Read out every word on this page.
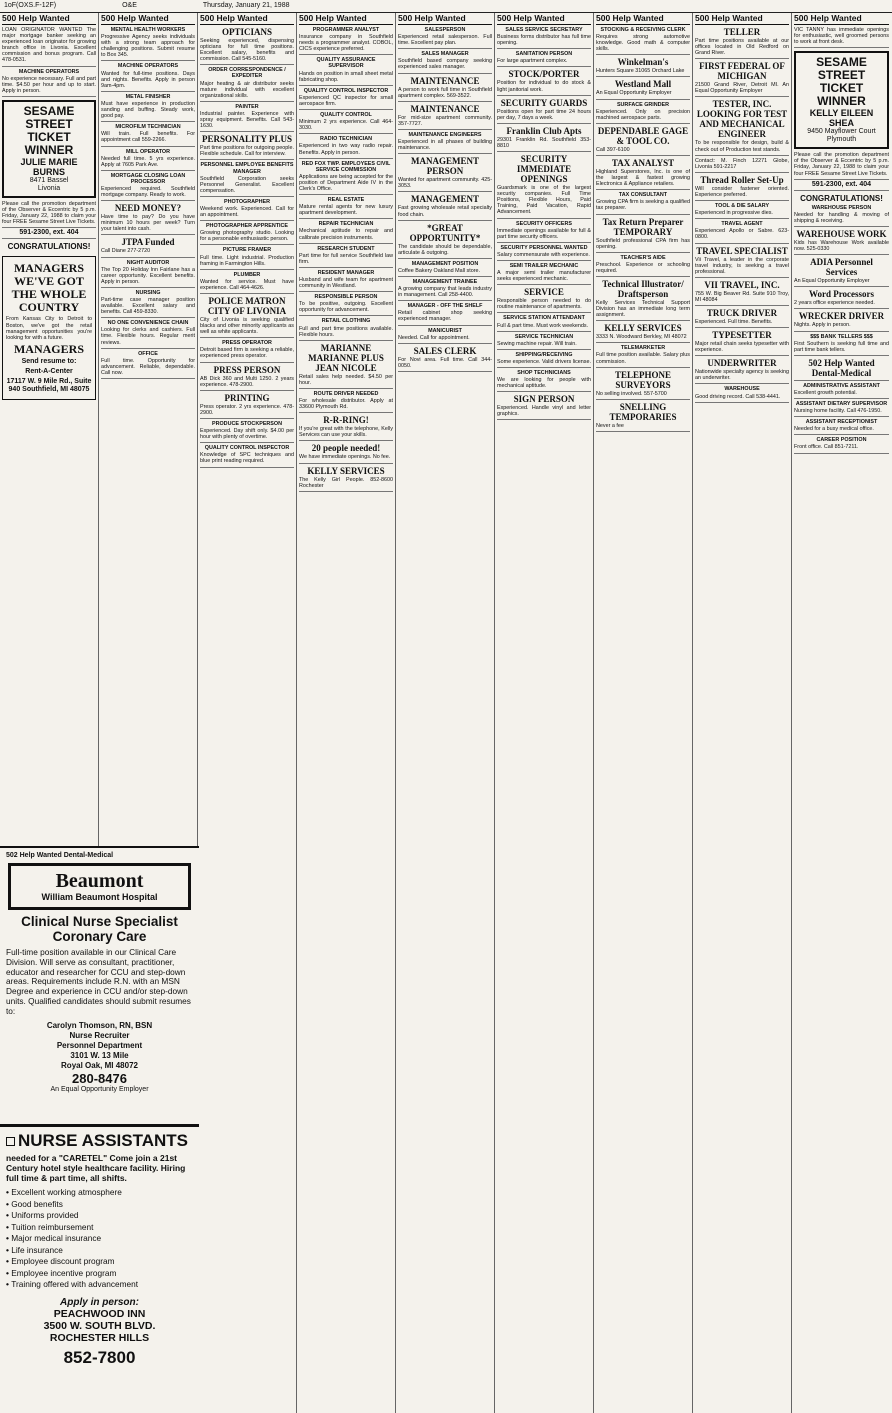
1oF(OXS.F-12F)	O&E	Thursday, January 21, 1988
500 Help Wanted

LOAN ORIGINATOR WANTED The major mortgage banker seeking an experienced loan originator for growing branch office in Livonia. Excellent commission and bonus program. Call 478-0531.

MACHINE OPERATORS

No experience necessary. Full and part time. $4.50 per hour and up to start. Apply in person.

SESAME STREET TICKET WINNER
JULIE MARIE BURNS
8471 Bassel
Livonia

Please call the promotion department of the Observer & Eccentric by 5 p.m. Friday, January 22, 1988 to claim your four FREE Sesame Street Live Tickets.

591-2300, ext. 404

CONGRATULATIONS!
MANAGERS WE'VE GOT THE WHOLE COUNTRY
From Kansas City to Detroit to Boston, we've got the retail management opportunities you're looking for with a future.
MANAGERS
Send resume to:
Rent-A-Center
17117 W. 9 Mile Rd., Suite 940 Southfield, MI 48075
500 Help Wanted
MENTAL HEALTH WORKERS

Progressive Agency seeks individuals with a strong team approach for challenging positions. Submit resume to Box 345.

MACHINE OPERATORS

Wanted for full-time positions. Days and nights. Benefits. Apply in person 9am-4pm.

METAL FINISHER

Must have experience in production sanding and buffing. Steady work, good pay.

MICROFILM TECHNICIAN

Will train. Full benefits. For appointment call 559-2266.

MILL OPERATOR

Needed full time. 5 yrs experience. Apply at 7605 Park Ave.

MORTGAGE CLOSING LOAN PROCESSOR

Experienced required. Southfield mortgage company. Ready to work.

NEED MONEY?

Have time to pay? Do you have minimum 10 hours per week? Turn your talent into cash.

JTPA Funded

Call Diane 277-2720

NIGHT AUDITOR

The Top 20 Holiday Inn Fairlane has a career opportunity. Excellent benefits. Apply in person.

NURSING

Part-time case manager position available. Excellent salary and benefits. Call 459-8330.

NO ONE CONVENIENCE CHAIN

Looking for clerks and cashiers. Full time. Flexible hours. Regular merit reviews.

OFFICE

Full time. Opportunity for advancement. Reliable, dependable. Call now.

500 Help Wanted
OPTICIANS

Seeking experienced, dispensing opticians for full time positions. Excellent salary, benefits and commission. Call 545-5160.

ORDER CORRESPONDENCE / EXPEDITER

Major heating & air distributor seeks mature individual with excellent organizational skills.

PAINTER

Industrial painter. Experience with spray equipment. Benefits. Call 543-1630.

PERSONALITY PLUS

Part time positions for outgoing people. Flexible schedule. Call for interview.

PERSONNEL EMPLOYEE BENEFITS MANAGER

Southfield Corporation seeks Personnel Generalist. Excellent compensation.

PHOTOGRAPHER

Weekend work. Experienced. Call for an appointment.

PHOTOGRAPHER APPRENTICE

Growing photography studio. Looking for a personable enthusiastic person.

PICTURE FRAMER

Full time. Light industrial. Production framing in Farmington Hills.

PLUMBER

Wanted for service. Must have experience. Call 464-4626.

POLICE MATRON CITY OF LIVONIA

City of Livonia is seeking qualified blacks and other minority applicants as well as white applicants.

PRESS OPERATOR

Detroit based firm is seeking a reliable, experienced press operator.

PRESS PERSON

AB Dick 360 and Multi 1250. 2 years experience. 478-2900.

PRINTING

Press operator. 2 yrs experience. 478-2900.

PRODUCE STOCKPERSON

Experienced. Day shift only. $4.00 per hour with plenty of overtime.

QUALITY CONTROL INSPECTOR

Knowledge of SPC techniques and blue print reading required.

500 Help Wanted
PROGRAMMER ANALYST

Insurance company in Southfield needs a programmer analyst. COBOL, CICS experience preferred.

QUALITY ASSURANCE SUPERVISOR

Hands on position in small sheet metal fabricating shop.

QUALITY CONTROL INSPECTOR

Experienced QC inspector for small aerospace firm.

QUALITY CONTROL

Minimum 2 yrs experience. Call 464-3030.

RADIO TECHNICIAN

Experienced in two way radio repair. Benefits. Apply in person.

RED FOX TWP. EMPLOYEES CIVIL SERVICE COMMISSION

Applications are being accepted for the position of Department Aide IV in the Clerk's Office.

REAL ESTATE

Mature rental agents for new luxury apartment development.

REPAIR TECHNICIAN

Mechanical aptitude to repair and calibrate precision instruments.

RESEARCH STUDENT

Part time for full service Southfield law firm.

RESIDENT MANAGER

Husband and wife team for apartment community in Westland.

RESPONSIBLE PERSON

To be positive, outgoing. Excellent opportunity for advancement.

RETAIL CLOTHING

Full and part time positions available. Flexible hours.

MARIANNE MARIANNE PLUS JEAN NICOLE

Retail sales help needed. $4.50 per hour.

ROUTE DRIVER NEEDED

For wholesale distributor. Apply at 33600 Plymouth Rd.

R-R-RING!

If you're great with the telephone, Kelly Services can use your skills.

20 people needed!

We have immediate openings. No fee.

KELLY SERVICES

The Kelly Girl People. 852-8600 Rochester

500 Help Wanted
SALESPERSON

Experienced retail salesperson. Full time. Excellent pay plan.

SALES MANAGER

Southfield based company seeking experienced sales manager.

MAINTENANCE

A person to work full time in Southfield apartment complex. 569-3522.

MAINTENANCE

For mid-size apartment community. 357-7727.

MAINTENANCE ENGINEERS

Experienced in all phases of building maintenance.

MANAGEMENT PERSON

Wanted for apartment community. 425-3053.

MANAGEMENT

Fast growing wholesale retail specialty food chain.

*GREAT OPPORTUNITY*

The candidate should be dependable, articulate & outgoing.

MANAGEMENT POSITION

Coffee Bakery Oakland Mall store.

MANAGEMENT TRAINEE

A growing company that leads industry in management. Call 258-4400.

MANAGER - OFF THE SHELF

Retail cabinet shop seeking experienced manager.

MANICURIST

Needed. Call for appointment.

SALES CLERK

For Novi area. Full time. Call 344-0050.

500 Help Wanted
SALES SERVICE SECRETARY

Business forms distributor has full time opening.

SANITATION PERSON

For large apartment complex.

STOCK/PORTER

Position for individual to do stock & light janitorial work.

SECURITY GUARDS

Positions open for part time 24 hours per day, 7 days a week.

Franklin Club Apts

29301 Franklin Rd. Southfield 353-8810

SECURITY IMMEDIATE OPENINGS

Guardsmark is one of the largest security companies. Full Time Positions, Flexible Hours, Paid Training, Paid Vacation, Rapid Advancement.

SECURITY OFFICERS

Immediate openings available for full & part time security officers.

SECURITY PERSONNEL WANTED

Salary commensurate with experience.

SEMI TRAILER MECHANIC

A major semi trailer manufacturer seeks experienced mechanic.

SERVICE

Responsible person needed to do routine maintenance of apartments.

SERVICE STATION ATTENDANT

Full & part time. Must work weekends.

SERVICE TECHNICIAN

Sewing machine repair. Will train.

SHIPPING/RECEIVING

Some experience. Valid drivers license.

SHOP TECHNICIANS

We are looking for people with mechanical aptitude.

SIGN PERSON

Experienced. Handle vinyl and letter graphics.

500 Help Wanted
STOCKING & RECEIVING CLERK

Requires strong automotive knowledge. Good math & computer skills.

Winkelman's

Hunters Square 31065 Orchard Lake

Westland Mall

An Equal Opportunity Employer

SURFACE GRINDER

Experienced. Only on precision machined aerospace parts.

DEPENDABLE GAGE & TOOL CO.

Call 397-6100

TAX ANALYST

Highland Superstores, Inc. is one of the largest & fastest growing Electronics & Appliance retailers.

TAX CONSULTANT

Growing CPA firm is seeking a qualified tax preparer.

Tax Return Preparer TEMPORARY

Southfield professional CPA firm has opening.

TEACHER'S AIDE

Preschool. Experience or schooling required.

Technical Illustrator/ Draftsperson

Kelly Services Technical Support Division has an immediate long term assignment.

KELLY SERVICES

3333 N. Woodward Berkley, MI 48072

TELEMARKETER

Full time position available. Salary plus commission.

TELEPHONE SURVEYORS

No selling involved. 557-5700

SNELLING TEMPORARIES

Never a fee

500 Help Wanted
TELLER

Part time positions available at our offices located in Old Redford on Grand River.

FIRST FEDERAL OF MICHIGAN

21500 Grand River, Detroit MI. An Equal Opportunity Employer

TESTER, INC. LOOKING FOR TEST AND MECHANICAL ENGINEER

To be responsible for design, build & check out of Production test stands.

Contact: M. Finch 12271 Globe, Livonia 591-2217

Thread Roller Set-Up

Will consider fastener oriented. Experience preferred.

TOOL & DIE SALARY

Experienced in progressive dies.

TRAVEL AGENT

Experienced Apollo or Sabre. 623-0800.

TRAVEL SPECIALIST

Vii Travel, a leader in the corporate travel industry, is seeking a travel professional.

VII TRAVEL, INC.

755 W. Big Beaver Rd. Suite 910 Troy, MI 48084

TRUCK DRIVER

Experienced. Full time. Benefits.

TYPESETTER

Major retail chain seeks typesetter with experience.

UNDERWRITER

Nationwide specialty agency is seeking an underwriter.

WAREHOUSE

Good driving record. Call 538-4441.

500 Help Wanted

VIC TANNY has immediate openings for enthusiastic, well groomed persons to work at front desk.

SESAME STREET TICKET WINNER
KELLY EILEEN SHEA
9450 Mayflower Court
Plymouth

Please call the promotion department of the Observer & Eccentric by 5 p.m. Friday, January 22, 1988 to claim your four FREE Sesame Street Live Tickets.

591-2300, ext. 404

CONGRATULATIONS!
WAREHOUSE PERSON

Needed for handling & moving of shipping & receiving.

WAREHOUSE WORK

Kids has Warehouse Work available now. 525-0330

ADIA Personnel Services

An Equal Opportunity Employer

Word Processors

2 years office experience needed.

WRECKER DRIVER

Nights. Apply in person.

$$$ BANK TELLERS $$$

First Southern is seeking full time and part time bank tellers.

502 Help Wanted Dental-Medical
ADMINISTRATIVE ASSISTANT

Excellent growth potential.

ASSISTANT DIETARY SUPERVISOR

Nursing home facility. Call 476-1950.

ASSISTANT RECEPTIONIST

Needed for a busy medical office.

CAREER POSITION

Front office. Call 851-7211.

502 Help Wanted Dental-Medical
Beaumont
William Beaumont Hospital
Clinical Nurse Specialist Coronary Care
Full-time position available in our Clinical Care Division. Will serve as consultant, practitioner, educator and researcher for CCU and step-down areas. Requirements include R.N. with an MSN Degree and experience in CCU and/or step-down units. Qualified candidates should submit resumes to:
Carolyn Thomson, RN, BSN
Nurse Recruiter
Personnel Department
3101 W. 13 Mile
Royal Oak, MI 48072
280-8476
An Equal Opportunity Employer
NURSE ASSISTANTS
needed for a "CARETEL" Come join a 21st Century hotel style healthcare facility. Hiring full time & part time, all shifts.
• Excellent working atmosphere
• Good benefits
• Uniforms provided
• Tuition reimbursement
• Major medical insurance
• Life insurance
• Employee discount program
• Employee incentive program
• Training offered with advancement
Apply in person:
PEACHWOOD INN
3500 W. SOUTH BLVD.
ROCHESTER HILLS
852-7800
